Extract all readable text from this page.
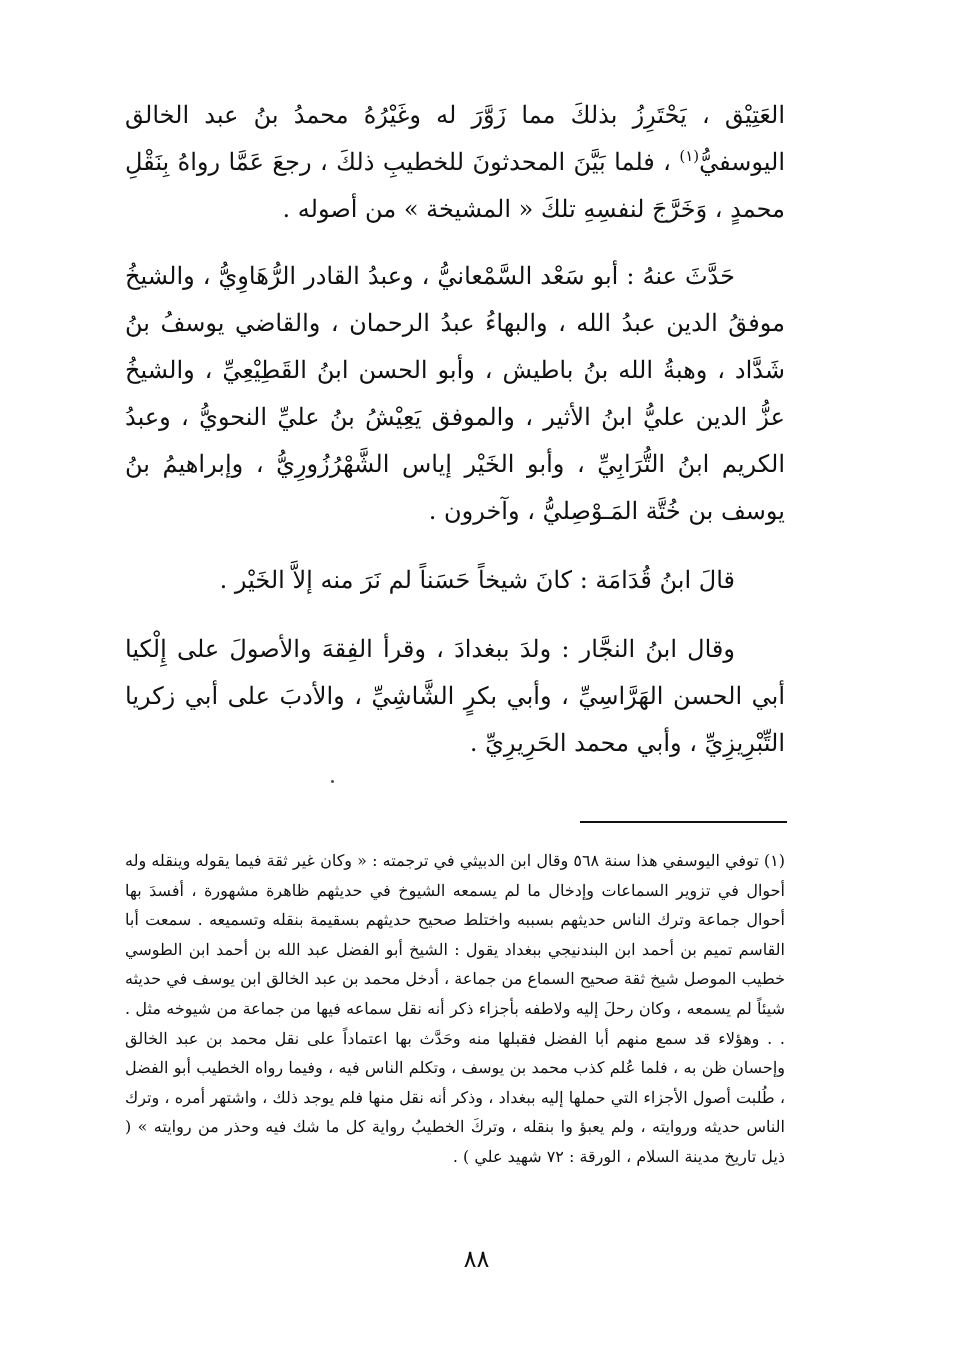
العَتِيْق ، يَحْتَرِزُ بذلكَ مما زَوَّرَ له وغَيْرُهُ محمدُ بنُ عبد الخالق اليوسفيُّ$^{(١)}$ ، فلما بَيَّنَ المحدثونَ للخطيبِ ذلكَ ، رجعَ عَمَّا رواهُ بِنَقْلِ محمدٍ ، وَخَرَّجَ لنفسِهِ تلكَ « المشيخة » من أصوله .

حَدَّثَ عنهُ : أبو سَعْد السَّمْعانيُّ ، وعبدُ القادر الرُّهَاوِيُّ ، والشيخُ موفقُ الدين عبدُ الله ، والبهاءُ عبدُ الرحمان ، والقاضي يوسفُ بنُ شَدَّاد ، وهبةُ الله بنُ باطيش ، وأبو الحسن ابنُ القَطِيْعِيِّ ، والشيخُ عزُّ الدين عليُّ ابنُ الأثير ، والموفق يَعِيْشُ بنُ عليِّ النحويُّ ، وعبدُ الكريم ابنُ التُّرَابِيِّ ، وأبو الخَيْر إياس الشَّهْرُزُورِيُّ ، وإبراهيمُ بنُ يوسف بن خُتَّة المَـوْصِليُّ ، وآخرون .

قالَ ابنُ قُدَامَة : كانَ شيخاً حَسَناً لم نَرَ منه إلاَّ الخَيْر .

وقال ابنُ النجَّار : ولدَ ببغدادَ ، وقرأ الفِقهَ والأصولَ على إِلْكيا أبي الحسن الهَرَّاسِيِّ ، وأبي بكرٍ الشَّاشِيِّ ، والأدبَ على أبي زكريا التِّبْرِيزِيِّ ، وأبي محمد الحَرِيرِيِّ .

(١) توفي اليوسفي هذا سنة ٥٦٨ وقال ابن الدبيثي في ترجمته : « وكان غير ثقة فيما يقوله وينقله وله أحوال في تزوير السماعات وإدخال ما لم يسمعه الشيوخ في حديثهم ظاهرة مشهورة ، أفسدَ بها أحوال جماعة وترك الناس حديثهم بسببه واختلط صحيح حديثهم بسقيمة بنقله وتسميعه . سمعت أبا القاسم تميم بن أحمد ابن البندنيجي ببغداد يقول : الشيخ أبو الفضل عبد الله بن أحمد ابن الطوسي خطيب الموصل شيخ ثقة صحيح السماع من جماعة ، أدخل محمد بن عبد الخالق ابن يوسف في حديثه شيئاً لم يسمعه ، وكان رحلَ إليه ولاطفه بأجزاء ذكر أنه نقل سماعه فيها من جماعة من شيوخه مثل . . . وهؤلاء قد سمع منهم أبا الفضل فقبلها منه وحَدَّث بها اعتماداً على نقل محمد بن عبد الخالق وإحسان ظن به ، فلما عُلم كذب محمد بن يوسف ، وتكلم الناس فيه ، وفيما رواه الخطيب أبو الفضل ، طُلبت أصول الأجزاء التي حملها إليه ببغداد ، وذكر أنه نقل منها فلم يوجد ذلك ، واشتهر أمره ، وترك الناس حديثه وروايته ، ولم يعبؤ وا بنقله ، وتركَ الخطيبُ رواية كل ما شك فيه وحذر من روايته » ( ذيل تاريخ مدينة السلام ، الورقة : ٧٢ شهيد علي ) .

٨٨
